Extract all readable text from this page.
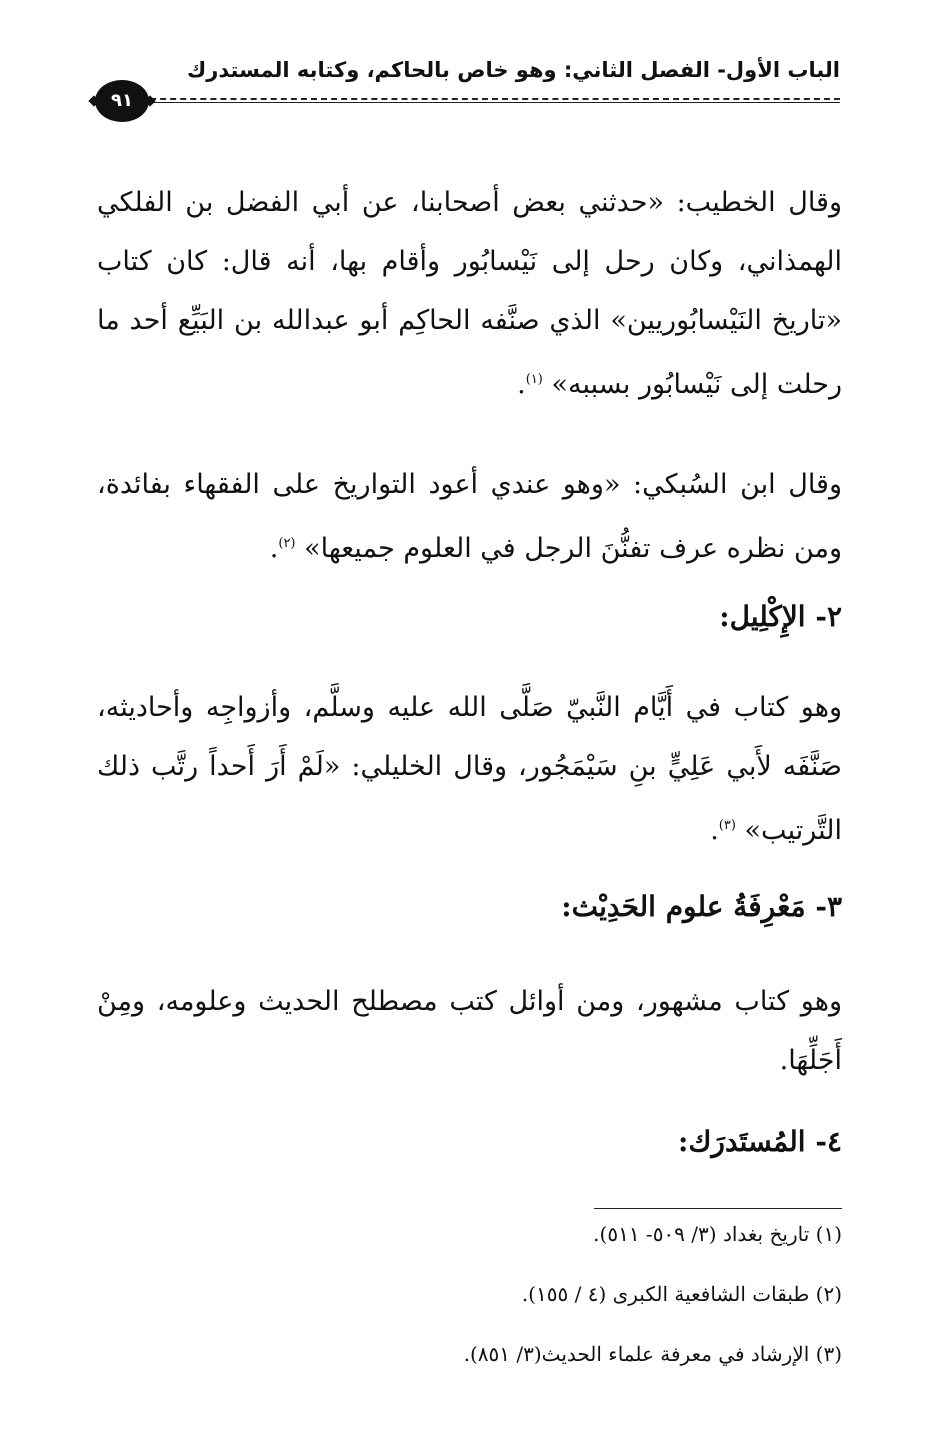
الباب الأول- الفصل الثاني: وهو خاص بالحاكم، وكتابه المستدرك
٩١

وقال الخطيب: «حدثني بعض أصحابنا، عن أبي الفضل بن الفلكي الهمذاني، وكان رحل إلى نَيْسابُور وأقام بها، أنه قال: كان كتاب «تاريخ النَيْسابُوريين» الذي صنَّفه الحاكِم أبو عبدالله بن البَيِّع أحد ما رحلت إلى نَيْسابُور بسببه» $^{(١)}$.

وقال ابن السُبكي: «وهو عندي أعود التواريخ على الفقهاء بفائدة، ومن نظره عرف تفنُّنَ الرجل في العلوم جميعها» $^{(٢)}$.

٢- الإِكْلِيل:

وهو كتاب في أَيَّام النَّبيّ صَلَّى الله عليه وسلَّم، وأزواجِه وأحاديثه، صَنَّفَه لأَبي عَلِيٍّ بنِ سَيْمَجُور، وقال الخليلي: «لَمْ أَرَ أَحداً رتَّب ذلك التَّرتيب» $^{(٣)}$.

٣- مَعْرِفَةُ علوم الحَدِيْث:

وهو كتاب مشهور، ومن أوائل كتب مصطلح الحديث وعلومه، ومِنْ أَجَلِّهَا.

٤- المُستَدرَك:
(١) تاريخ بغداد (٣/ ٥٠٩- ٥١١).
(٢) طبقات الشافعية الكبرى (٤ / ١٥٥).
(٣) الإرشاد في معرفة علماء الحديث(٣/ ٨٥١).
